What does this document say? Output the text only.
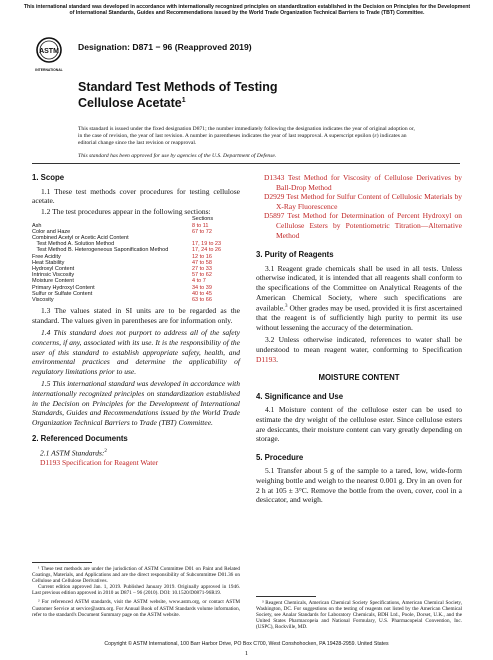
This international standard was developed in accordance with internationally recognized principles on standardization established in the Decision on Principles for the Development of International Standards, Guides and Recommendations issued by the World Trade Organization Technical Barriers to Trade (TBT) Committee.
ASTM
INTERNATIONAL
Designation: D871 − 96 (Reapproved 2019)
Standard Test Methods of Testing
Cellulose Acetate$^1$
This standard is issued under the fixed designation D871; the number immediately following the designation indicates the year of original adoption or, in the case of revision, the year of last revision. A number in parentheses indicates the year of last reapproval. A superscript epsilon (ε) indicates an editorial change since the last revision or reapproval.
This standard has been approved for use by agencies of the U.S. Department of Defense.
1. Scope

1.1 These test methods cover procedures for testing cellulose acetate.

1.2 The test procedures appear in the following sections:

	Sections
Ash	8 to 11
Color and Haze	67 to 72
Combined Acetyl or Acetic Acid Content	
Test Method A. Solution Method	17, 19 to 23
Test Method B. Heterogeneous Saponification Method	17, 24 to 26
Free Acidity	12 to 16
Heat Stability	47 to 58
Hydroxyl Content	27 to 33
Intrinsic Viscosity	57 to 62
Moisture Content	4 to 7
Primary Hydroxyl Content	34 to 39
Sulfur or Sulfate Content	40 to 45
Viscosity	63 to 66

1.3 The values stated in SI units are to be regarded as the standard. The values given in parentheses are for information only.

1.4 This standard does not purport to address all of the safety concerns, if any, associated with its use. It is the responsibility of the user of this standard to establish appropriate safety, health, and environmental practices and determine the applicability of regulatory limitations prior to use.

1.5 This international standard was developed in accordance with internationally recognized principles on standardization established in the Decision on Principles for the Development of International Standards, Guides and Recommendations issued by the World Trade Organization Technical Barriers to Trade (TBT) Committee.

2. Referenced Documents

2.1 ASTM Standards:$^2$

D1193 Specification for Reagent Water

¹ These test methods are under the jurisdiction of ASTM Committee D01 on Paint and Related Coatings, Materials, and Applications and are the direct responsibility of Subcommittee D01.36 on Cellulose and Cellulose Derivatives.

Current edition approved Jan. 1, 2019. Published January 2019. Originally approved in 1946. Last previous edition approved in 2010 as D871 – 96 (2010). DOI: 10.1520/D0871-96R19.

² For referenced ASTM standards, visit the ASTM website, www.astm.org, or contact ASTM Customer Service at service@astm.org. For Annual Book of ASTM Standards volume information, refer to the standard's Document Summary page on the ASTM website.

D1343 Test Method for Viscosity of Cellulose Derivatives by Ball-Drop Method

D2929 Test Method for Sulfur Content of Cellulosic Materials by X-Ray Fluorescence

D5897 Test Method for Determination of Percent Hydroxyl on Cellulose Esters by Potentiometric Titration—Alternative Method

3. Purity of Reagents

3.1 Reagent grade chemicals shall be used in all tests. Unless otherwise indicated, it is intended that all reagents shall conform to the specifications of the Committee on Analytical Reagents of the American Chemical Society, where such specifications are available.$^3$ Other grades may be used, provided it is first ascertained that the reagent is of sufficiently high purity to permit its use without lessening the accuracy of the determination.

3.2 Unless otherwise indicated, references to water shall be understood to mean reagent water, conforming to Specification D1193.

MOISTURE CONTENT
4. Significance and Use

4.1 Moisture content of the cellulose ester can be used to estimate the dry weight of the cellulose ester. Since cellulose esters are desiccants, their moisture content can vary greatly depending on storage.

5. Procedure

5.1 Transfer about 5 g of the sample to a tared, low, wide-form weighing bottle and weigh to the nearest 0.001 g. Dry in an oven for 2 h at 105 ± 3°C. Remove the bottle from the oven, cover, cool in a desiccator, and weigh.

³ Reagent Chemicals, American Chemical Society Specifications, American Chemical Society, Washington, DC. For suggestions on the testing of reagents not listed by the American Chemical Society, see Analar Standards for Laboratory Chemicals, BDH Ltd., Poole, Dorset, U.K., and the United States Pharmacopeia and National Formulary, U.S. Pharmacopeial Convention, Inc. (USPC), Rockville, MD.

Copyright © ASTM International, 100 Barr Harbor Drive, PO Box C700, West Conshohocken, PA 19428-2959. United States
1
